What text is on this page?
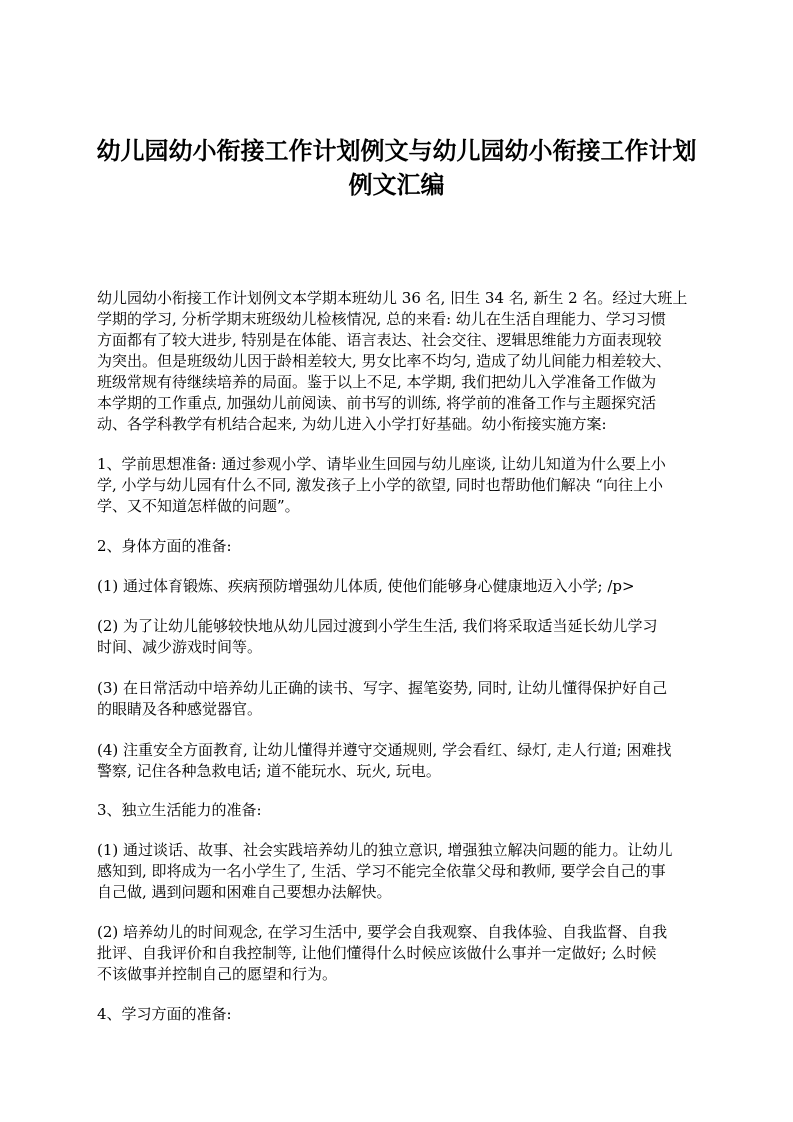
幼儿园幼小衔接工作计划例文与幼儿园幼小衔接工作计划
例文汇编
幼儿园幼小衔接工作计划例文本学期本班幼儿 36 名, 旧生 34 名, 新生 2 名。经过大班上
学期的学习, 分析学期末班级幼儿检核情况, 总的来看: 幼儿在生活自理能力、学习习惯
方面都有了较大进步, 特别是在体能、语言表达、社会交往、逻辑思维能力方面表现较
为突出。但是班级幼儿因于龄相差较大, 男女比率不均匀, 造成了幼儿间能力相差较大、
班级常规有待继续培养的局面。鉴于以上不足, 本学期, 我们把幼儿入学准备工作做为
本学期的工作重点, 加强幼儿前阅读、前书写的训练, 将学前的准备工作与主题探究活
动、各学科教学有机结合起来, 为幼儿进入小学打好基础。幼小衔接实施方案:
1、学前思想准备: 通过参观小学、请毕业生回园与幼儿座谈, 让幼儿知道为什么要上小
学, 小学与幼儿园有什么不同, 激发孩子上小学的欲望, 同时也帮助他们解决 “向往上小
学、又不知道怎样做的问题”。
2、身体方面的准备:
(1) 通过体育锻炼、疾病预防增强幼儿体质, 使他们能够身心健康地迈入小学; /p>
(2) 为了让幼儿能够较快地从幼儿园过渡到小学生生活, 我们将采取适当延长幼儿学习
时间、减少游戏时间等。
(3) 在日常活动中培养幼儿正确的读书、写字、握笔姿势, 同时, 让幼儿懂得保护好自己
的眼睛及各种感觉器官。
(4) 注重安全方面教育, 让幼儿懂得并遵守交通规则, 学会看红、绿灯, 走人行道; 困难找
警察, 记住各种急救电话; 道不能玩水、玩火, 玩电。
3、独立生活能力的准备:
(1) 通过谈话、故事、社会实践培养幼儿的独立意识, 增强独立解决问题的能力。让幼儿
感知到, 即将成为一名小学生了, 生活、学习不能完全依靠父母和教师, 要学会自己的事
自己做, 遇到问题和困难自己要想办法解快。
(2) 培养幼儿的时间观念, 在学习生活中, 要学会自我观察、自我体验、自我监督、自我
批评、自我评价和自我控制等, 让他们懂得什么时候应该做什么事并一定做好; 么时候
不该做事并控制自己的愿望和行为。
4、学习方面的准备:
